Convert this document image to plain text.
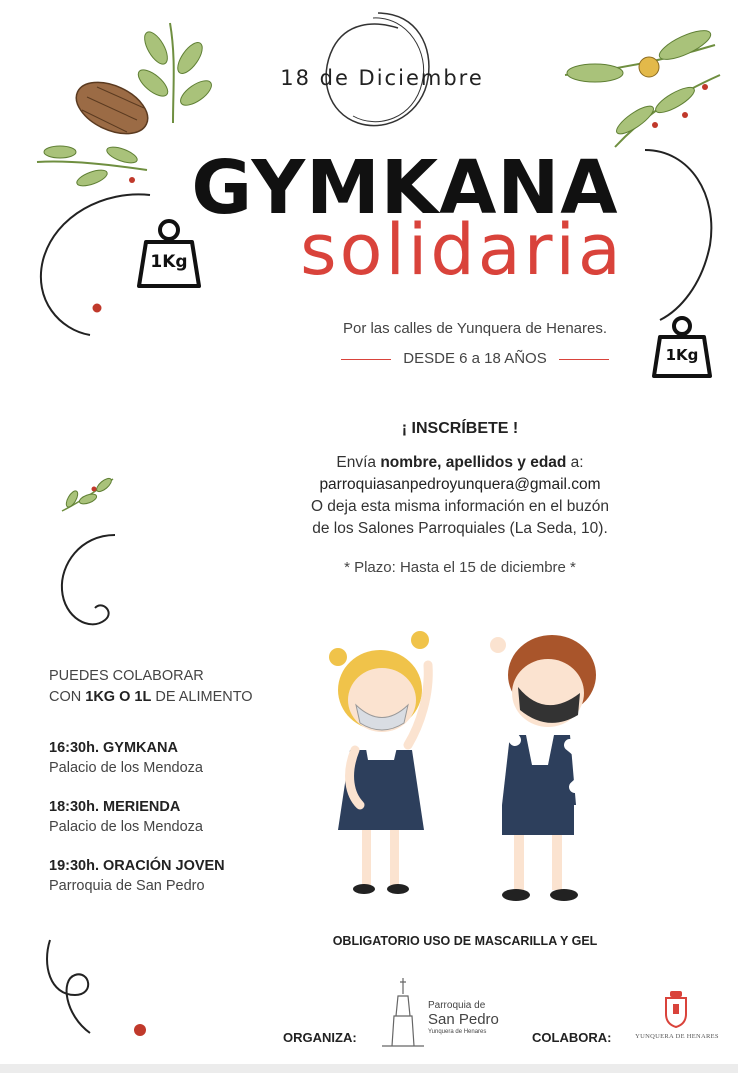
1Kg
1Kg
18 de Diciembre
GYMKANA
solidaria
Por las calles de Yunquera de Henares.
DESDE 6 a 18 AÑOS
¡ INSCRÍBETE !
Envía nombre, apellidos y edad a:
parroquiasanpedroyunquera@gmail.com
O deja esta misma información en el buzón
de los Salones Parroquiales (La Seda, 10).
* Plazo: Hasta el 15 de diciembre *
PUEDES COLABORAR
CON 1KG O 1L DE ALIMENTO
16:30h. GYMKANA
Palacio de los Mendoza
18:30h. MERIENDA
Palacio de los Mendoza
19:30h. ORACIÓN JOVEN
Parroquia de San Pedro
OBLIGATORIO USO DE MASCARILLA Y GEL
ORGANIZA:
Parroquia de
San Pedro
Yunquera de Henares	COLABORA:	YUNQUERA DE HENARES
